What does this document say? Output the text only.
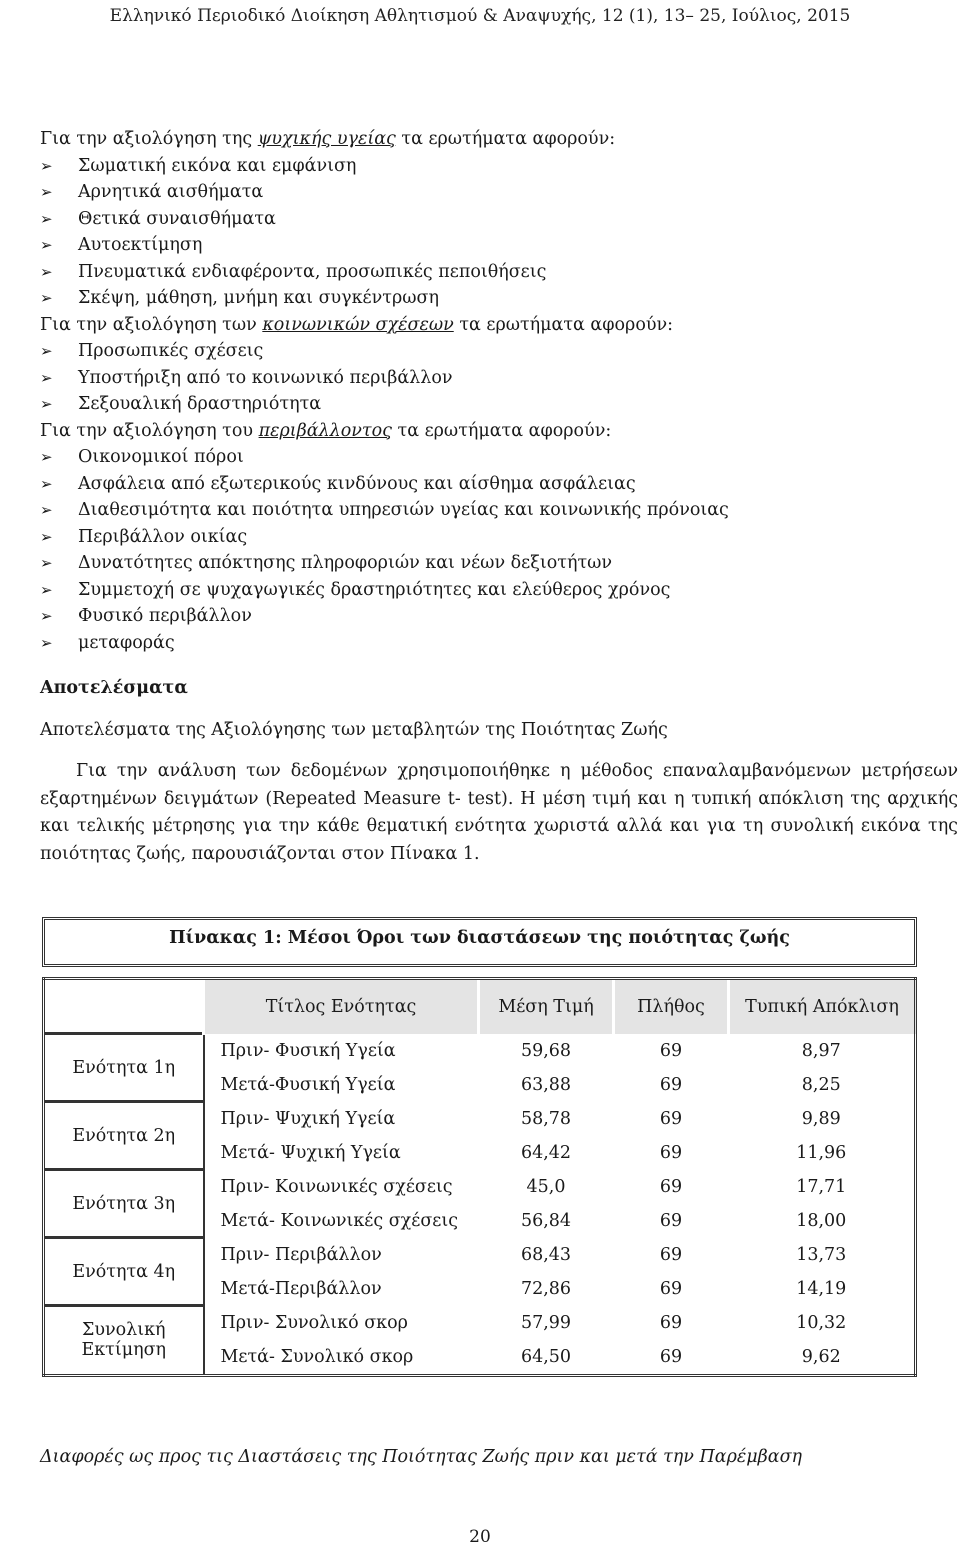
Ελληνικό Περιοδικό Διοίκηση Αθλητισμού & Αναψυχής, 12 (1), 13– 25, Ιούλιος, 2015
Για την αξιολόγηση της ψυχικής υγείας τα ερωτήματα αφορούν:
➢	Σωματική εικόνα και εμφάνιση
➢	Αρνητικά αισθήματα
➢	Θετικά συναισθήματα
➢	Αυτοεκτίμηση
➢	Πνευματικά ενδιαφέροντα, προσωπικές πεποιθήσεις
➢	Σκέψη, μάθηση, μνήμη και συγκέντρωση
Για την αξιολόγηση των κοινωνικών σχέσεων τα ερωτήματα αφορούν:
➢	Προσωπικές σχέσεις
➢	Υποστήριξη από το κοινωνικό περιβάλλον
➢	Σεξουαλική δραστηριότητα
Για την αξιολόγηση του περιβάλλοντος τα ερωτήματα αφορούν:
➢	Οικονομικοί πόροι
➢	Ασφάλεια από εξωτερικούς κινδύνους και αίσθημα ασφάλειας
➢	Διαθεσιμότητα και ποιότητα υπηρεσιών υγείας και κοινωνικής πρόνοιας
➢	Περιβάλλον οικίας
➢	Δυνατότητες απόκτησης πληροφοριών και νέων δεξιοτήτων
➢	Συμμετοχή σε ψυχαγωγικές δραστηριότητες και ελεύθερος χρόνος
➢	Φυσικό περιβάλλον
➢	μεταφοράς
Αποτελέσματα
Αποτελέσματα της Αξιολόγησης των μεταβλητών της Ποιότητας Ζωής
Για την ανάλυση των δεδομένων χρησιμοποιήθηκε η μέθοδος επαναλαμβανόμενων μετρήσεων εξαρτημένων δειγμάτων (Repeated Measure t- test). Η μέση τιμή και η τυπική απόκλιση της αρχικής και τελικής μέτρησης για την κάθε θεματική ενότητα χωριστά αλλά και για τη συνολική εικόνα της ποιότητας ζωής, παρουσιάζονται στον Πίνακα 1.
Πίνακας 1: Μέσοι Όροι των διαστάσεων της ποιότητας ζωής
	Τίτλος Ενότητας	Μέση Τιμή	Πλήθος	Τυπική Απόκλιση
Ενότητα 1η	Πριν- Φυσική Υγεία	59,68	69	8,97
	Μετά-Φυσική Υγεία	63,88	69	8,25
Ενότητα 2η	Πριν- Ψυχική Υγεία	58,78	69	9,89
	Μετά- Ψυχική Υγεία	64,42	69	11,96
Ενότητα 3η	Πριν- Κοινωνικές σχέσεις	45,0	69	17,71
	Μετά- Κοινωνικές σχέσεις	56,84	69	18,00
Ενότητα 4η	Πριν- Περιβάλλον	68,43	69	13,73
	Μετά-Περιβάλλον	72,86	69	14,19
Συνολική Εκτίμηση	Πριν- Συνολικό σκορ	57,99	69	10,32
	Μετά- Συνολικό σκορ	64,50	69	9,62
Διαφορές ως προς τις Διαστάσεις της Ποιότητας Ζωής πριν και μετά την Παρέμβαση
20
